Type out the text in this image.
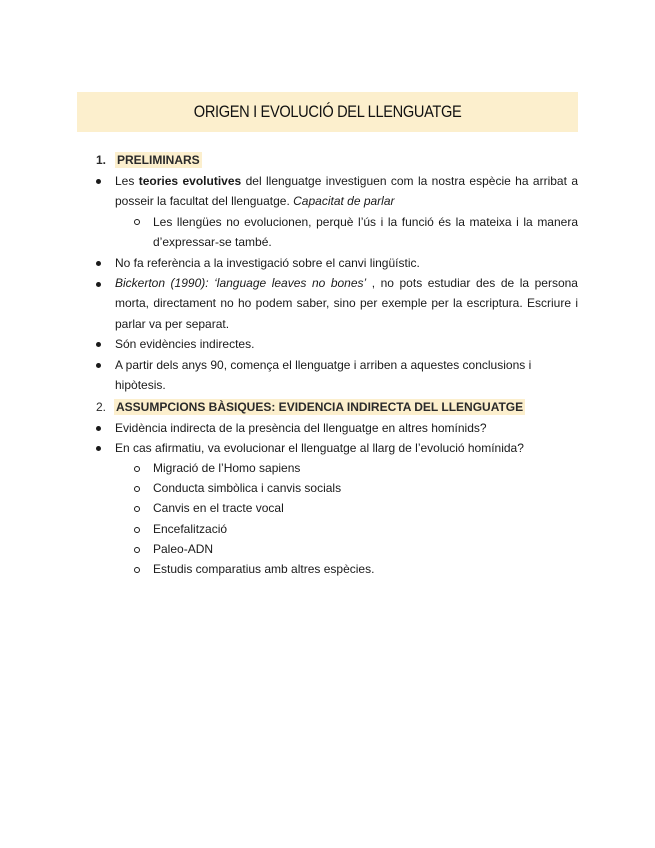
ORIGEN I EVOLUCIÓ DEL LLENGUATGE
1. PRELIMINARS
Les teories evolutives del llenguatge investiguen com la nostra espècie ha arribat a posseir la facultat del llenguatge. Capacitat de parlar
Les llengües no evolucionen, perquè l’ús i la funció és la mateixa i la manera d’expressar-se també.
No fa referència a la investigació sobre el canvi lingüístic.
Bickerton (1990): ‘language leaves no bones’ , no pots estudiar des de la persona morta, directament no ho podem saber, sino per exemple per la escriptura. Escriure i parlar va per separat.
Són evidències indirectes.
A partir dels anys 90, comença el llenguatge i arriben a aquestes conclusions i hipòtesis.
2. ASSUMPCIONS BÀSIQUES: EVIDENCIA INDIRECTA DEL LLENGUATGE
Evidència indirecta de la presència del llenguatge en altres homínids?
En cas afirmatiu, va evolucionar el llenguatge al llarg de l’evolució homínida?
Migració de l’Homo sapiens
Conducta simbòlica i canvis socials
Canvis en el tracte vocal
Encefalització
Paleo-ADN
Estudis comparatius amb altres espècies.
